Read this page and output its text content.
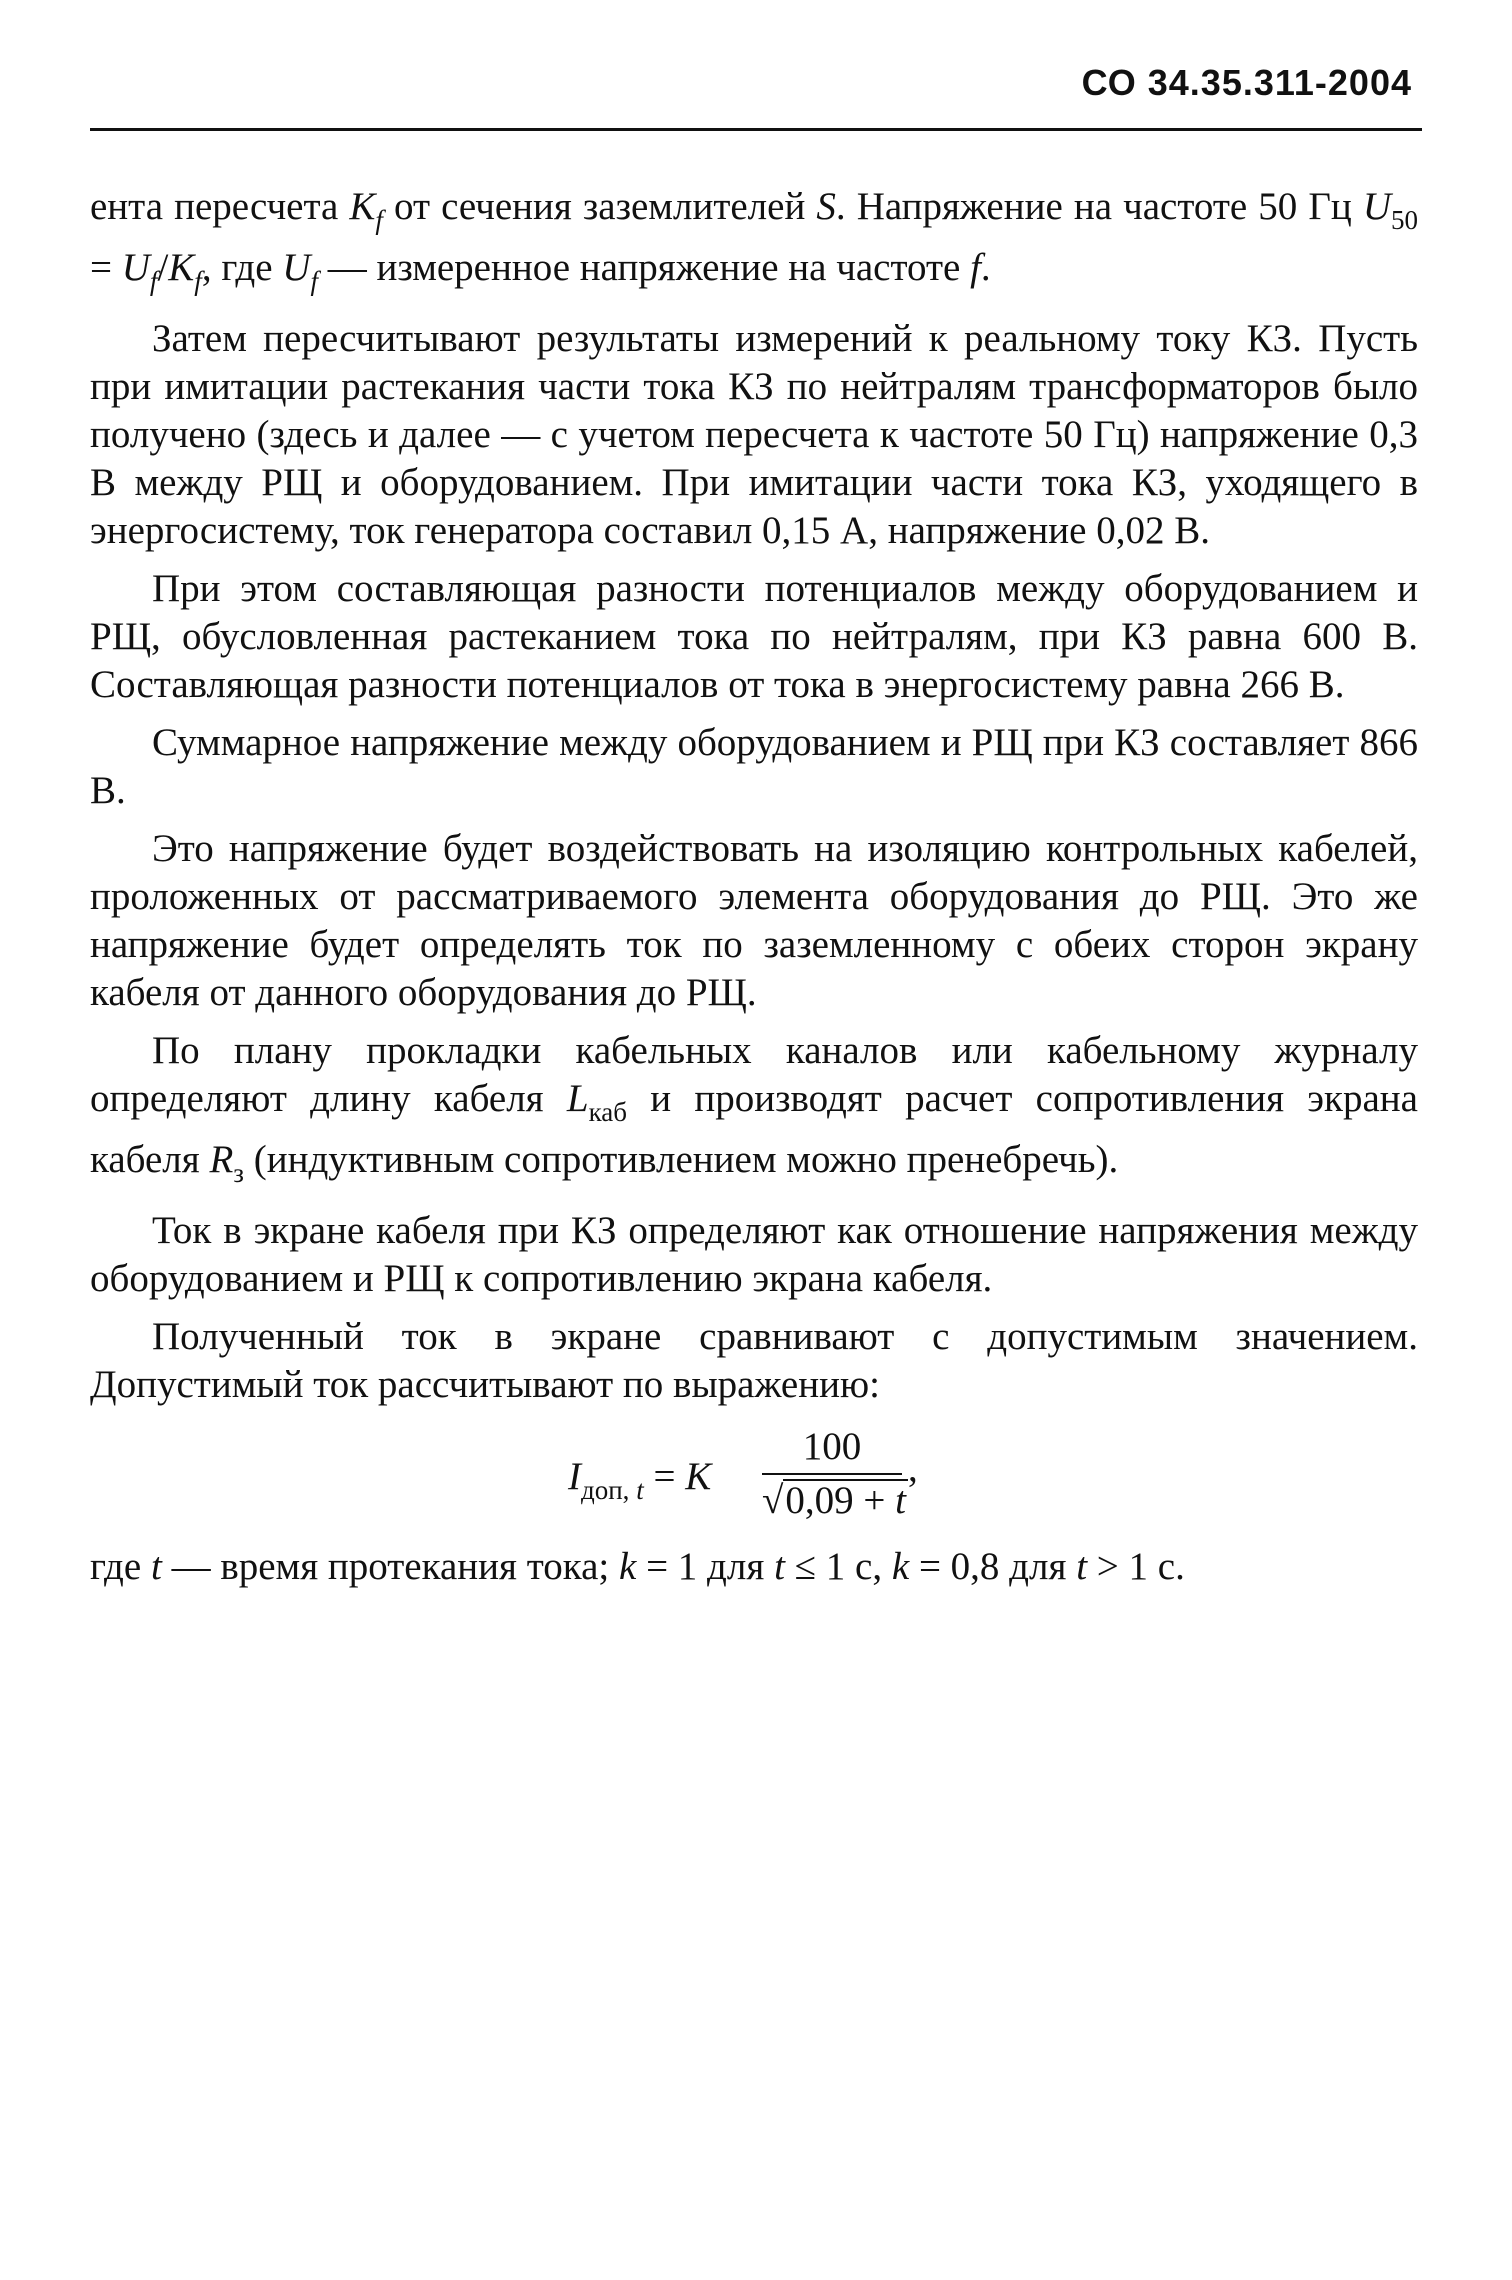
СО 34.35.311-2004

ента пересчета $K_f$ от сечения заземлителей S. Напряжение на частоте 50 Гц $U_{50} = U_f/K_f$, где $U_f$ — измеренное напряжение на частоте f.

Затем пересчитывают результаты измерений к реальному току КЗ. Пусть при имитации растекания части тока КЗ по нейтралям трансформаторов было получено (здесь и далее — с учетом пересчета к частоте 50 Гц) напряжение 0,3 В между РЩ и оборудованием. При имитации части тока КЗ, уходящего в энергосистему, ток генератора составил 0,15 А, напряжение 0,02 В.

При этом составляющая разности потенциалов между оборудованием и РЩ, обусловленная растеканием тока по нейтралям, при КЗ равна 600 В. Составляющая разности потенциалов от тока в энергосистему равна 266 В.

Суммарное напряжение между оборудованием и РЩ при КЗ составляет 866 В.

Это напряжение будет воздействовать на изоляцию контрольных кабелей, проложенных от рассматриваемого элемента оборудования до РЩ. Это же напряжение будет определять ток по заземленному с обеих сторон экрану кабеля от данного оборудования до РЩ.

По плану прокладки кабельных каналов или кабельному журналу определяют длину кабеля $L_{каб}$ и производят расчет сопротивления экрана кабеля $R_з$ (индуктивным сопротивлением можно пренебречь).

Ток в экране кабеля при КЗ определяют как отношение напряжения между оборудованием и РЩ к сопротивлению экрана кабеля.

Полученный ток в экране сравнивают с допустимым значением. Допустимый ток рассчитывают по выражению:

$I_{доп, t} = K$
100
√0,09 + t
,
где t — время протекания тока; k = 1 для t ≤ 1 с, k = 0,8 для t > 1 с.
